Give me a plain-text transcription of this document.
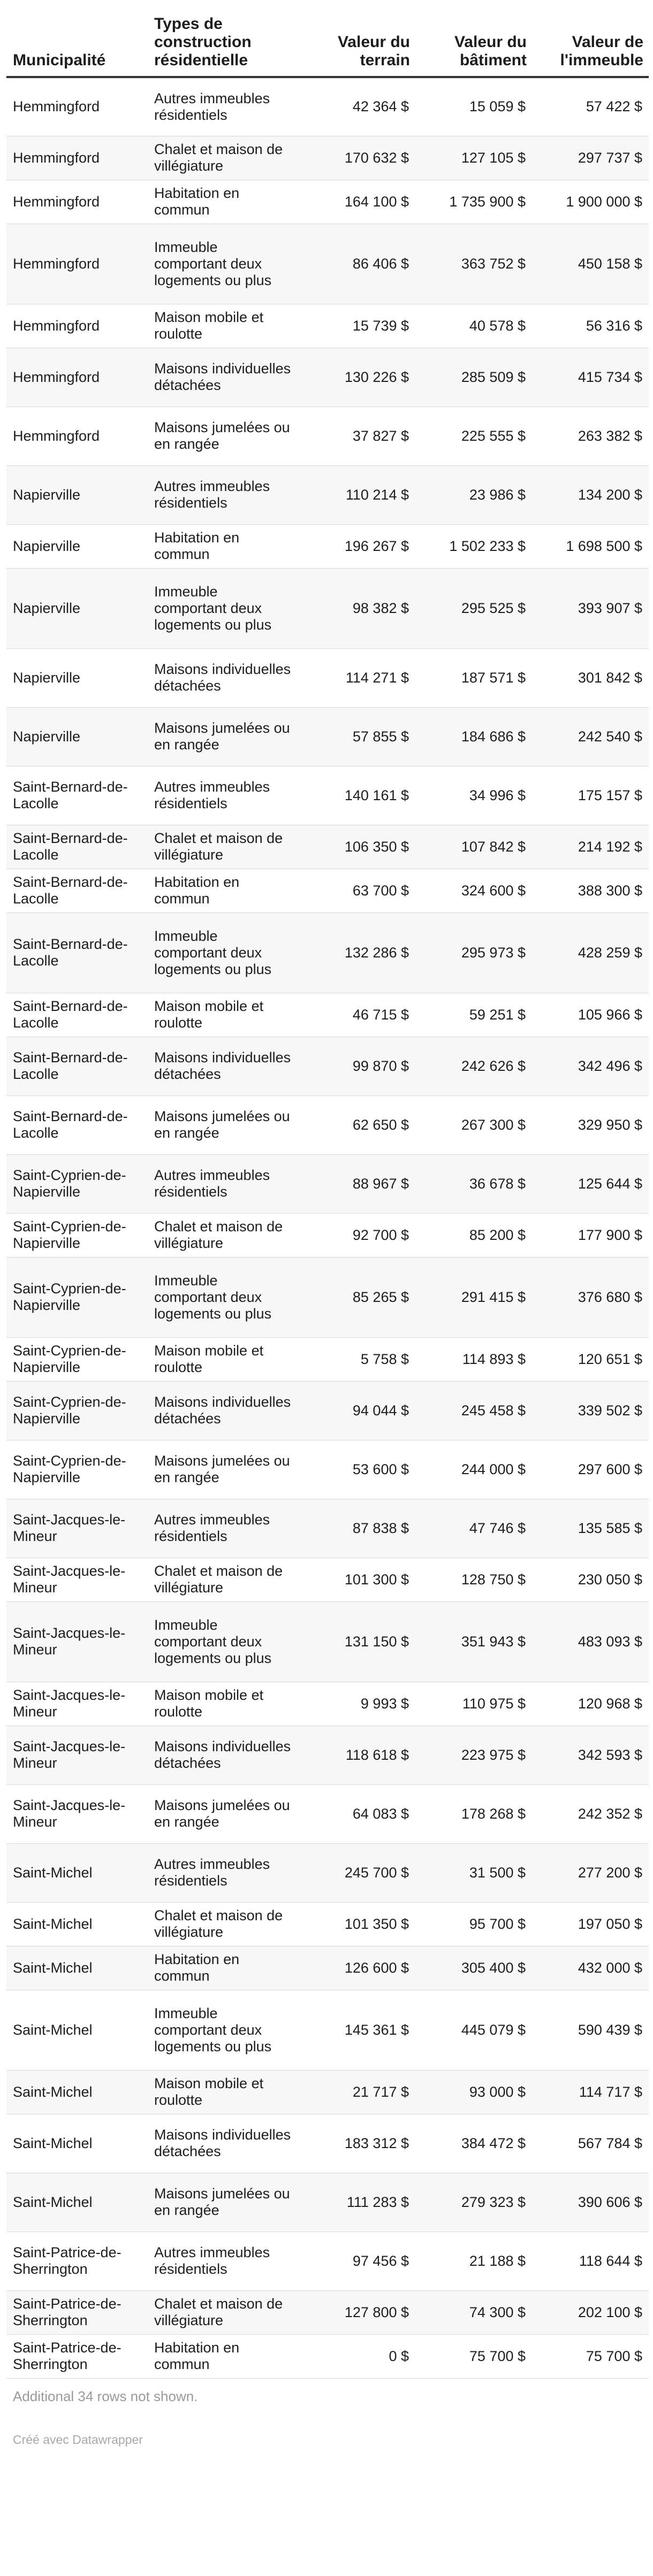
Municipalité	Types de construction résidentielle	Valeur du terrain	Valeur du bâtiment	Valeur de l'immeuble
Hemmingford	Autres immeubles résidentiels	42 364 $	15 059 $	57 422 $
Hemmingford	Chalet et maison de villégiature	170 632 $	127 105 $	297 737 $
Hemmingford	Habitation en commun	164 100 $	1 735 900 $	1 900 000 $
Hemmingford	Immeuble comportant deux logements ou plus	86 406 $	363 752 $	450 158 $
Hemmingford	Maison mobile et roulotte	15 739 $	40 578 $	56 316 $
Hemmingford	Maisons individuelles détachées	130 226 $	285 509 $	415 734 $
Hemmingford	Maisons jumelées ou en rangée	37 827 $	225 555 $	263 382 $
Napierville	Autres immeubles résidentiels	110 214 $	23 986 $	134 200 $
Napierville	Habitation en commun	196 267 $	1 502 233 $	1 698 500 $
Napierville	Immeuble comportant deux logements ou plus	98 382 $	295 525 $	393 907 $
Napierville	Maisons individuelles détachées	114 271 $	187 571 $	301 842 $
Napierville	Maisons jumelées ou en rangée	57 855 $	184 686 $	242 540 $
Saint-Bernard-de-Lacolle	Autres immeubles résidentiels	140 161 $	34 996 $	175 157 $
Saint-Bernard-de-Lacolle	Chalet et maison de villégiature	106 350 $	107 842 $	214 192 $
Saint-Bernard-de-Lacolle	Habitation en commun	63 700 $	324 600 $	388 300 $
Saint-Bernard-de-Lacolle	Immeuble comportant deux logements ou plus	132 286 $	295 973 $	428 259 $
Saint-Bernard-de-Lacolle	Maison mobile et roulotte	46 715 $	59 251 $	105 966 $
Saint-Bernard-de-Lacolle	Maisons individuelles détachées	99 870 $	242 626 $	342 496 $
Saint-Bernard-de-Lacolle	Maisons jumelées ou en rangée	62 650 $	267 300 $	329 950 $
Saint-Cyprien-de-Napierville	Autres immeubles résidentiels	88 967 $	36 678 $	125 644 $
Saint-Cyprien-de-Napierville	Chalet et maison de villégiature	92 700 $	85 200 $	177 900 $
Saint-Cyprien-de-Napierville	Immeuble comportant deux logements ou plus	85 265 $	291 415 $	376 680 $
Saint-Cyprien-de-Napierville	Maison mobile et roulotte	5 758 $	114 893 $	120 651 $
Saint-Cyprien-de-Napierville	Maisons individuelles détachées	94 044 $	245 458 $	339 502 $
Saint-Cyprien-de-Napierville	Maisons jumelées ou en rangée	53 600 $	244 000 $	297 600 $
Saint-Jacques-le-Mineur	Autres immeubles résidentiels	87 838 $	47 746 $	135 585 $
Saint-Jacques-le-Mineur	Chalet et maison de villégiature	101 300 $	128 750 $	230 050 $
Saint-Jacques-le-Mineur	Immeuble comportant deux logements ou plus	131 150 $	351 943 $	483 093 $
Saint-Jacques-le-Mineur	Maison mobile et roulotte	9 993 $	110 975 $	120 968 $
Saint-Jacques-le-Mineur	Maisons individuelles détachées	118 618 $	223 975 $	342 593 $
Saint-Jacques-le-Mineur	Maisons jumelées ou en rangée	64 083 $	178 268 $	242 352 $
Saint-Michel	Autres immeubles résidentiels	245 700 $	31 500 $	277 200 $
Saint-Michel	Chalet et maison de villégiature	101 350 $	95 700 $	197 050 $
Saint-Michel	Habitation en commun	126 600 $	305 400 $	432 000 $
Saint-Michel	Immeuble comportant deux logements ou plus	145 361 $	445 079 $	590 439 $
Saint-Michel	Maison mobile et roulotte	21 717 $	93 000 $	114 717 $
Saint-Michel	Maisons individuelles détachées	183 312 $	384 472 $	567 784 $
Saint-Michel	Maisons jumelées ou en rangée	111 283 $	279 323 $	390 606 $
Saint-Patrice-de-Sherrington	Autres immeubles résidentiels	97 456 $	21 188 $	118 644 $
Saint-Patrice-de-Sherrington	Chalet et maison de villégiature	127 800 $	74 300 $	202 100 $
Saint-Patrice-de-Sherrington	Habitation en commun	0 $	75 700 $	75 700 $
Additional 34 rows not shown.
Créé avec Datawrapper
